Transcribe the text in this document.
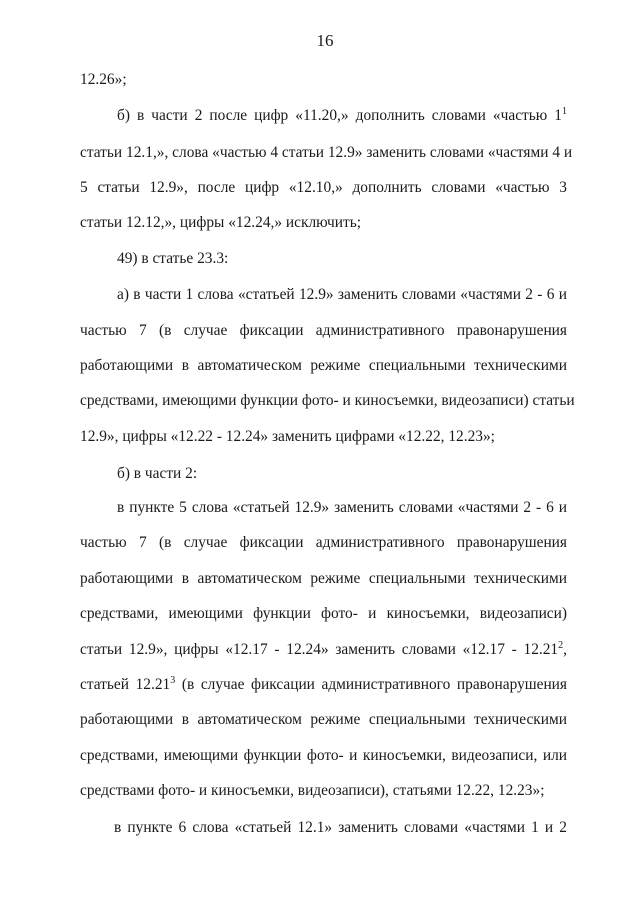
16
12.26»;
б) в части 2 после цифр «11.20,» дополнить словами «частью $1^1$
статьи 12.1,», слова «частью 4 статьи 12.9» заменить словами «частями 4 и
5 статьи 12.9», после цифр «12.10,» дополнить словами «частью 3
статьи 12.12,», цифры «12.24,» исключить;
49) в статье 23.3:
а) в части 1 слова «статьей 12.9» заменить словами «частями 2 - 6 и
частью 7 (в случае фиксации административного правонарушения
работающими в автоматическом режиме специальными техническими
средствами, имеющими функции фото- и киносъемки, видеозаписи) статьи
12.9», цифры «12.22 - 12.24» заменить цифрами «12.22, 12.23»;
б) в части 2:
в пункте 5 слова «статьей 12.9» заменить словами «частями 2 - 6 и
частью 7 (в случае фиксации административного правонарушения
работающими в автоматическом режиме специальными техническими
средствами, имеющими функции фото- и киносъемки, видеозаписи)
статьи 12.9», цифры «12.17 - 12.24» заменить словами «12.17 - 12.21$^2$,
статьей 12.21$^3$ (в случае фиксации административного правонарушения
работающими в автоматическом режиме специальными техническими
средствами, имеющими функции фото- и киносъемки, видеозаписи, или
средствами фото- и киносъемки, видеозаписи), статьями 12.22, 12.23»;
в пункте 6 слова «статьей 12.1» заменить словами «частями 1 и 2
